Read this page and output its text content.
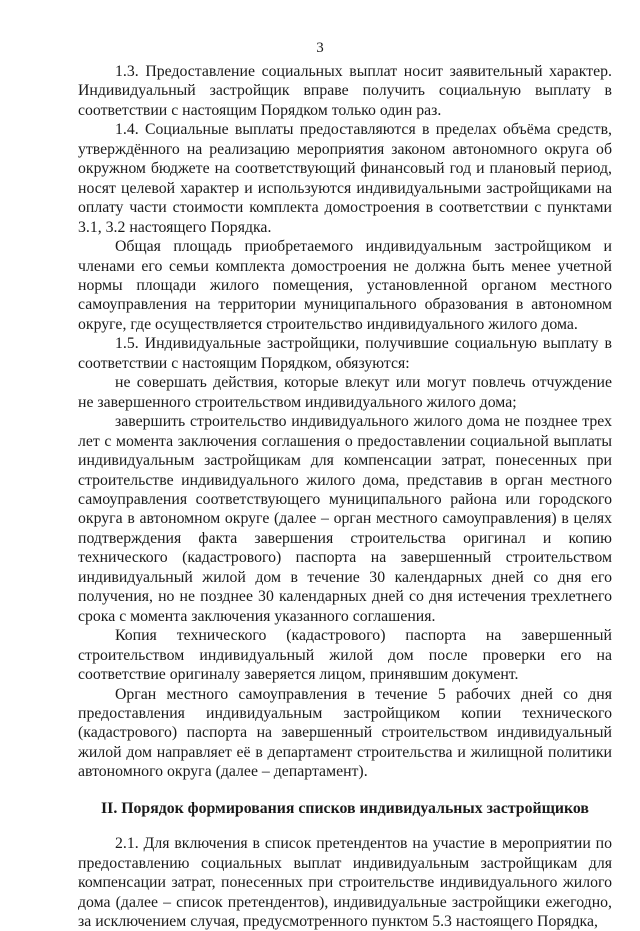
3

1.3. Предоставление социальных выплат носит заявительный характер. Индивидуальный застройщик вправе получить социальную выплату в соответствии с настоящим Порядком только один раз.

1.4. Социальные выплаты предоставляются в пределах объёма средств, утверждённого на реализацию мероприятия законом автономного округа об окружном бюджете на соответствующий финансовый год и плановый период, носят целевой характер и используются индивидуальными застройщиками на оплату части стоимости комплекта домостроения в соответствии с пунктами 3.1, 3.2 настоящего Порядка.

Общая площадь приобретаемого индивидуальным застройщиком и членами его семьи комплекта домостроения не должна быть менее учетной нормы площади жилого помещения, установленной органом местного самоуправления на территории муниципального образования в автономном округе, где осуществляется строительство индивидуального жилого дома.

1.5. Индивидуальные застройщики, получившие социальную выплату в соответствии с настоящим Порядком, обязуются:

не совершать действия, которые влекут или могут повлечь отчуждение не завершенного строительством индивидуального жилого дома;

завершить строительство индивидуального жилого дома не позднее трех лет с момента заключения соглашения о предоставлении социальной выплаты индивидуальным застройщикам для компенсации затрат, понесенных при строительстве индивидуального жилого дома, представив в орган местного самоуправления соответствующего муниципального района или городского округа в автономном округе (далее – орган местного самоуправления) в целях подтверждения факта завершения строительства оригинал и копию технического (кадастрового) паспорта на завершенный строительством индивидуальный жилой дом в течение 30 календарных дней со дня его получения, но не позднее 30 календарных дней со дня истечения трехлетнего срока с момента заключения указанного соглашения.

Копия технического (кадастрового) паспорта на завершенный строительством индивидуальный жилой дом после проверки его на соответствие оригиналу заверяется лицом, принявшим документ.

Орган местного самоуправления в течение 5 рабочих дней со дня предоставления индивидуальным застройщиком копии технического (кадастрового) паспорта на завершенный строительством индивидуальный жилой дом направляет её в департамент строительства и жилищной политики автономного округа (далее – департамент).

II. Порядок формирования списков индивидуальных застройщиков

2.1. Для включения в список претендентов на участие в мероприятии по предоставлению социальных выплат индивидуальным застройщикам для компенсации затрат, понесенных при строительстве индивидуального жилого дома (далее – список претендентов), индивидуальные застройщики ежегодно, за исключением случая, предусмотренного пунктом 5.3 настоящего Порядка,
